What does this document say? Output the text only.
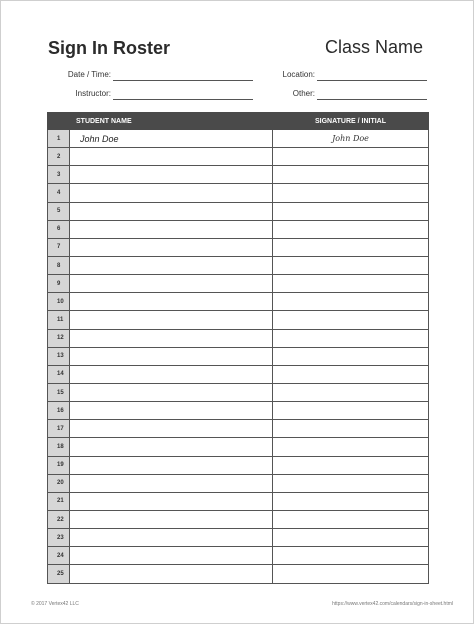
Sign In Roster	Class Name
Date / Time:
Instructor:
Location:
Other:
	STUDENT NAME	SIGNATURE / INITIAL
1	John Doe	John Doe
2		
3		
4		
5		
6		
7		
8		
9		
10		
11		
12		
13		
14		
15		
16		
17		
18		
19		
20		
21		
22		
23		
24		
25		
© 2017 Vertex42 LLC	https://www.vertex42.com/calendars/sign-in-sheet.html
